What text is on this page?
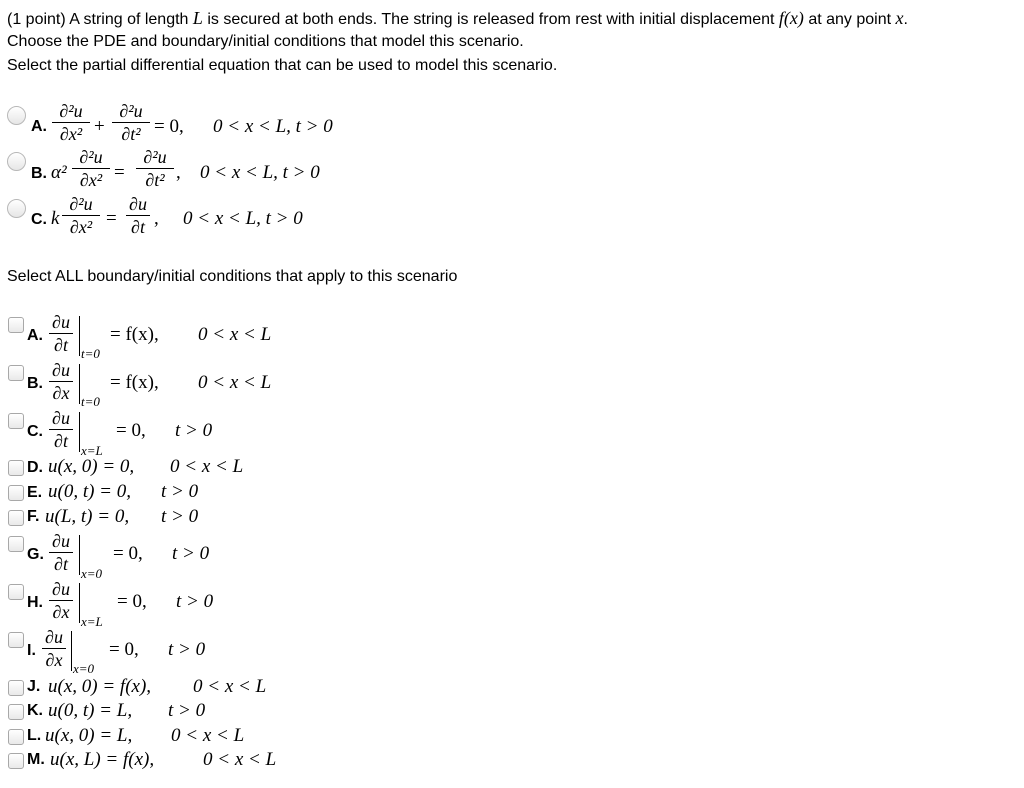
(1 point) A string of length L is secured at both ends. The string is released from rest with initial displacement f(x) at any point x.
Choose the PDE and boundary/initial conditions that model this scenario.
Select the partial differential equation that can be used to model this scenario.
A.
∂²u
∂x² +
∂²u
∂t² = 0, 0 < x < L, t > 0
B. α²
∂²u
∂x² =
∂²u
∂t² , 0 < x < L, t > 0
C. k
∂²u
∂x² =
∂u
∂t , 0 < x < L, t > 0
Select ALL boundary/initial conditions that apply to this scenario
A.
∂u
∂t	t=0
= f(x), 0 < x < L
B.
∂u
∂x t=0
= f(x), 0 < x < L
C.
∂u
∂t	x=L
= 0, t > 0
D. u(x, 0) = 0, 0 < x < L
E. u(0, t) = 0, t > 0
F. u(L, t) = 0, t > 0
G.
∂u
∂t	x=0
= 0, t > 0
H.
∂u
∂x x=L
= 0, t > 0
I.
∂u
∂x x=0
= 0, t > 0
J. u(x, 0) = f(x), 0 < x < L
K. u(0, t) = L, t > 0
L. u(x, 0) = L, 0 < x < L
M. u(x, L) = f(x),	0 < x < L
